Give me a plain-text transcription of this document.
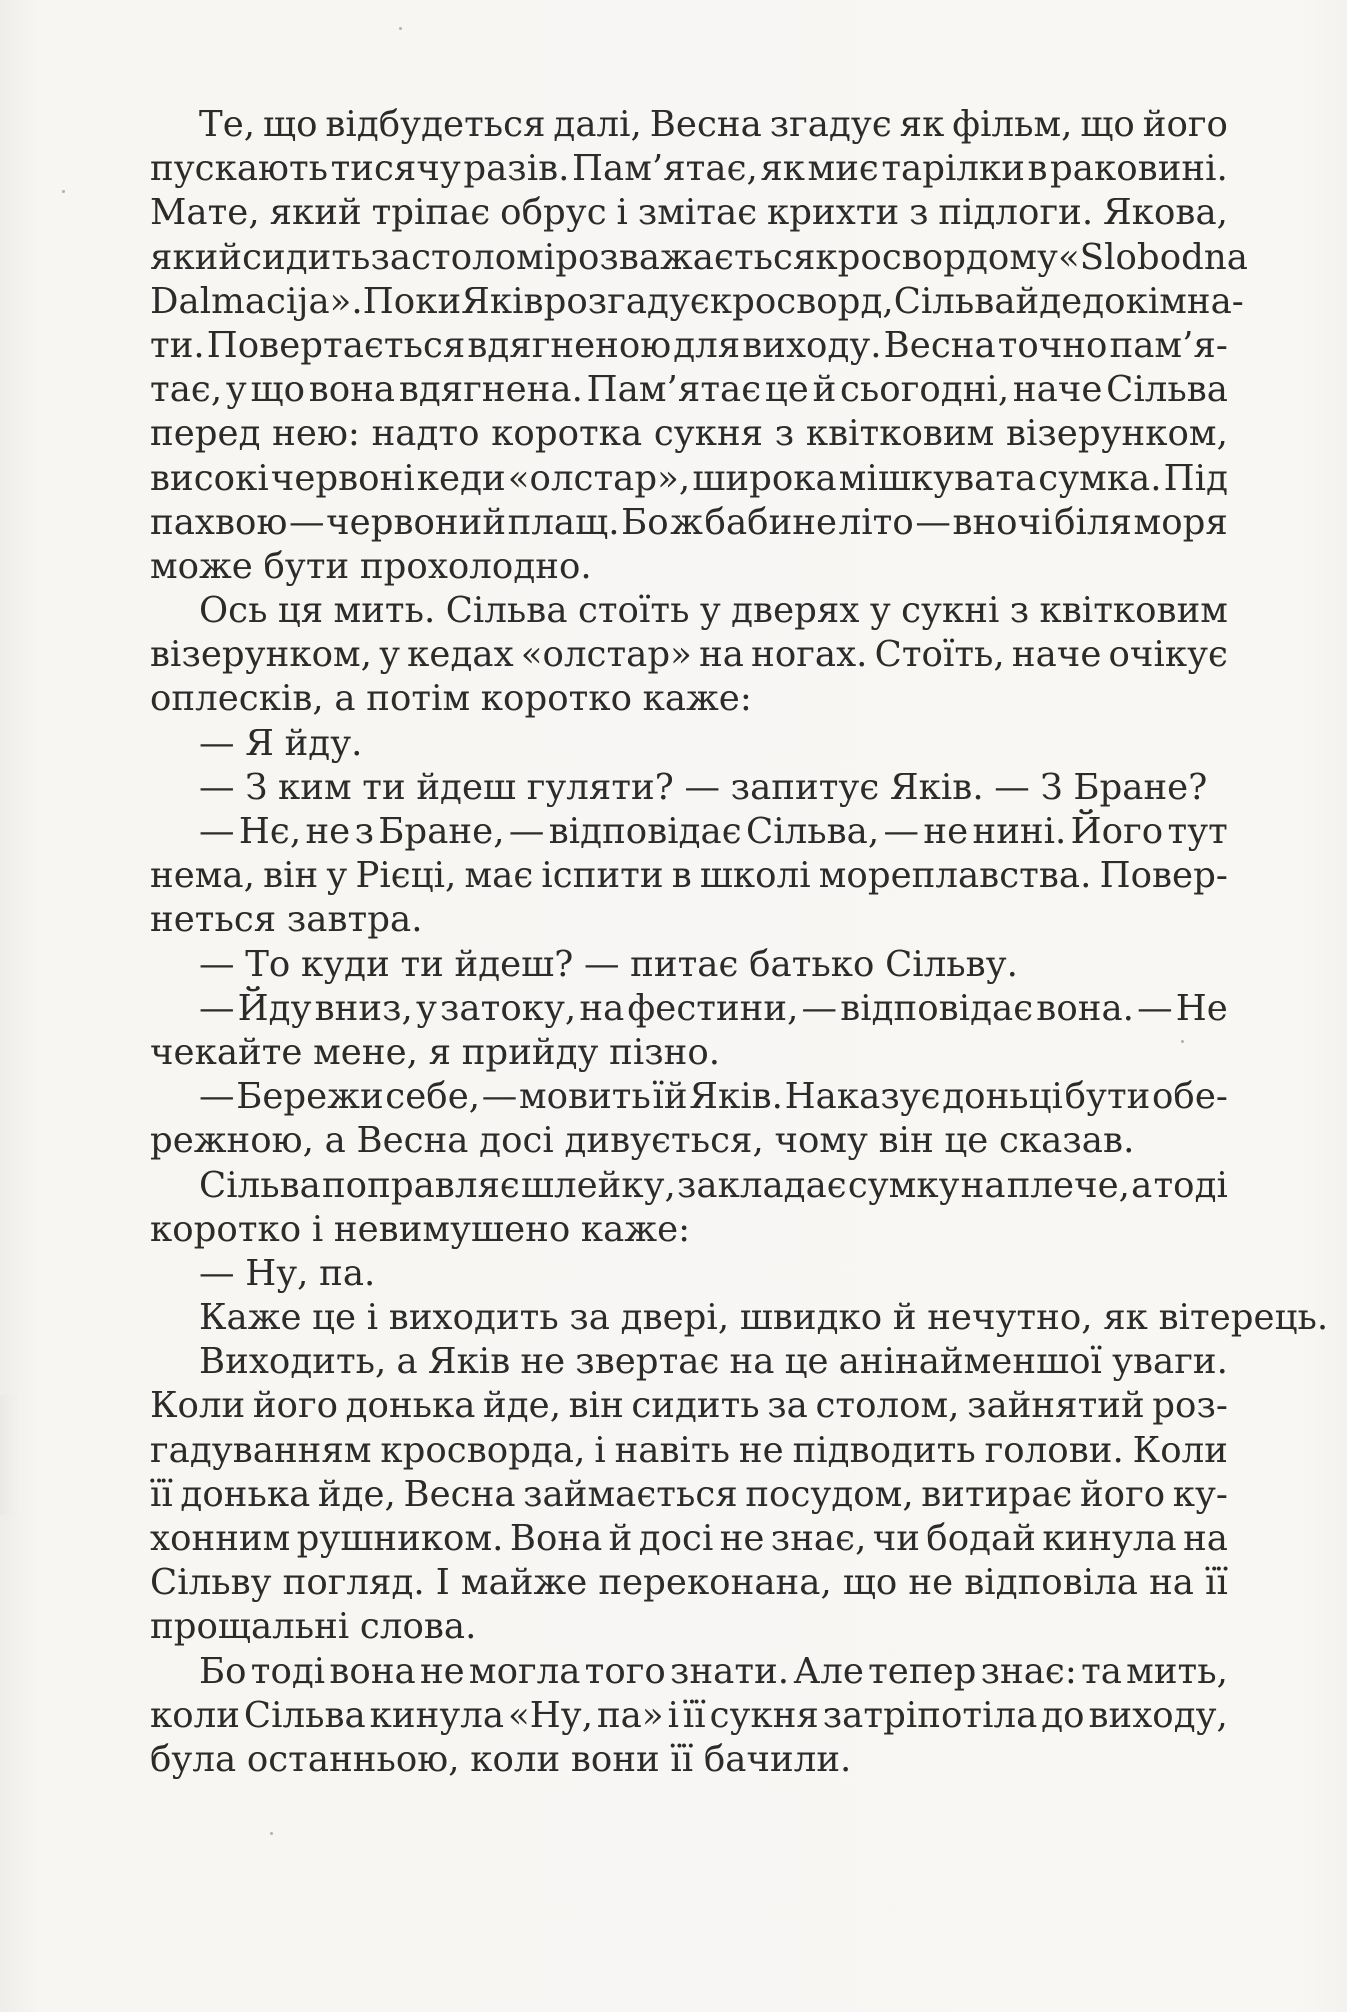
Те, що відбудеться далі, Весна згадує як фільм, що його
пускають тисячу разів. Пам’ятає, як миє тарілки в раковині.
Мате, який тріпає обрус і змітає крихти з підлоги. Якова,
який сидить за столом і розважається кросвордом у «Slobodna
Dalmacija». Поки Яків розгадує кросворд, Сільва йде до кімна-
ти. Повертається вдягненою для виходу. Весна точно пам’я-
тає, у що вона вдягнена. Пам’ятає це й сьогодні, наче Сільва
перед нею: надто коротка сукня з квітковим візерунком,
високі червоні кеди «олстар», широка мішкувата сумка. Під
пахвою — червоний плащ. Бо ж бабине літо — вночі біля моря
може бути прохолодно.
Ось ця мить. Сільва стоїть у дверях у сукні з квітковим
візерунком, у кедах «олстар» на ногах. Стоїть, наче очікує
оплесків, а потім коротко каже:
— Я йду.
— З ким ти йдеш гуляти? — запитує Яків. — З Бране?
— Нє, не з Бране, — відповідає Сільва, — не нині. Його тут
нема, він у Рієці, має іспити в школі мореплавства. Повер-
неться завтра.
— То куди ти йдеш? — питає батько Сільву.
— Йду вниз, у затоку, на фестини, — відповідає вона. — Не
чекайте мене, я прийду пізно.
— Бережи себе, — мовить їй Яків. Наказує доньці бути обе-
режною, а Весна досі дивується, чому він це сказав.
Сільва поправляє шлейку, закладає сумку на плече, а тоді
коротко і невимушено каже:
— Ну, па.
Каже це і виходить за двері, швидко й нечутно, як вітерець.
Виходить, а Яків не звертає на це анінайменшої уваги.
Коли його донька йде, він сидить за столом, зайнятий роз-
гадуванням кросворда, і навіть не підводить голови. Коли
її донька йде, Весна займається посудом, витирає його ку-
хонним рушником. Вона й досі не знає, чи бодай кинула на
Сільву погляд. І майже переконана, що не відповіла на її
прощальні слова.
Бо тоді вона не могла того знати. Але тепер знає: та мить,
коли Сільва кинула «Ну, па» і її сукня затріпотіла до виходу,
була останньою, коли вони її бачили.
